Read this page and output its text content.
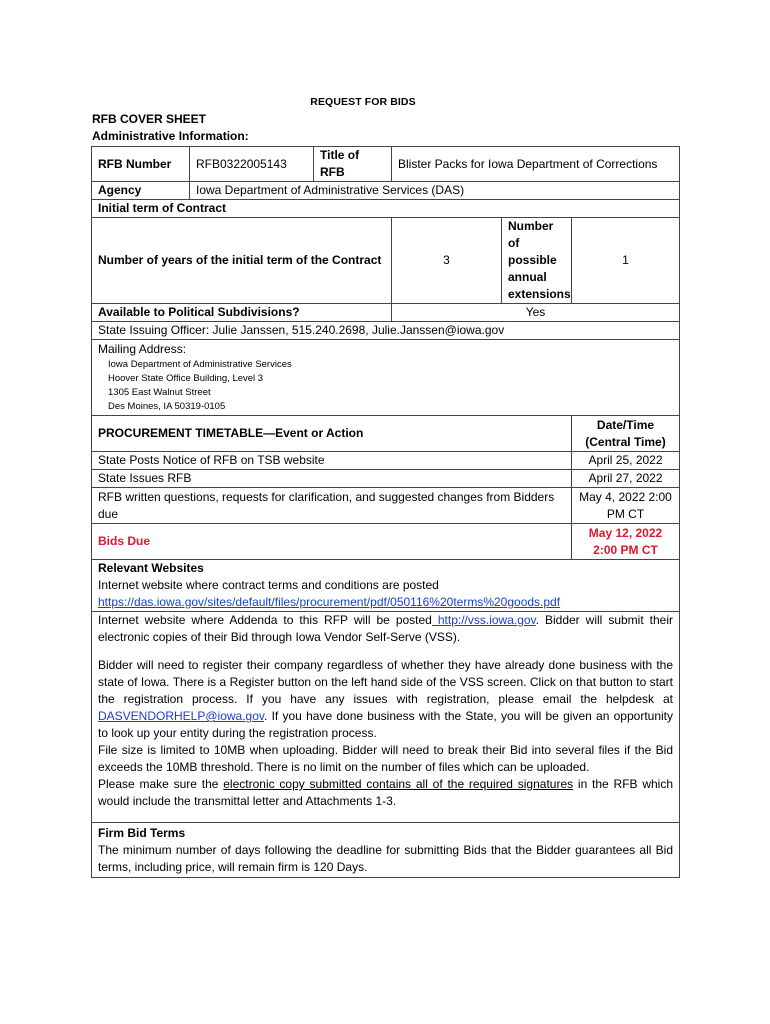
REQUEST FOR BIDS
RFB COVER SHEET
Administrative Information:
RFB Number	RFB0322005143	Title of RFB	Blister Packs for Iowa Department of Corrections		
Agency	Iowa Department of Administrative Services (DAS)				
Initial term of Contract					
Number of years of the initial term of the Contract			3	Number of possible annual extensions	1
Available to Political Subdivisions?			Yes		
State Issuing Officer: Julie Janssen, 515.240.2698, Julie.Janssen@iowa.gov					

Mailing Address:
Iowa Department of Administrative Services
Hoover State Office Building, Level 3
1305 East Walnut Street
Des Moines, IA 50319-0105					

PROCUREMENT TIMETABLE—Event or Action					Date/Time (Central Time)
State Posts Notice of RFB on TSB website					April 25, 2022
State Issues RFB					April 27, 2022
RFB written questions, requests for clarification, and suggested changes from Bidders due					May 4, 2022 2:00 PM CT
Bids Due					May 12, 2022 2:00 PM CT

Relevant Websites
Internet website where contract terms and conditions are posted
https://das.iowa.gov/sites/default/files/procurement/pdf/050116%20terms%20goods.pdf					

Internet website where Addenda to this RFP will be posted http://vss.iowa.gov. Bidder will submit their electronic copies of their Bid through Iowa Vendor Self-Serve (VSS).
Bidder will need to register their company regardless of whether they have already done business with the state of Iowa. There is a Register button on the left hand side of the VSS screen. Click on that button to start the registration process. If you have any issues with registration, please email the helpdesk at DASVENDORHELP@iowa.gov. If you have done business with the State, you will be given an opportunity to look up your entity during the registration process.
File size is limited to 10MB when uploading. Bidder will need to break their Bid into several files if the Bid exceeds the 10MB threshold. There is no limit on the number of files which can be uploaded.
Please make sure the electronic copy submitted contains all of the required signatures in the RFB which would include the transmittal letter and Attachments 1-3.					

Firm Bid Terms
The minimum number of days following the deadline for submitting Bids that the Bidder guarantees all Bid terms, including price, will remain firm is 120 Days.					
